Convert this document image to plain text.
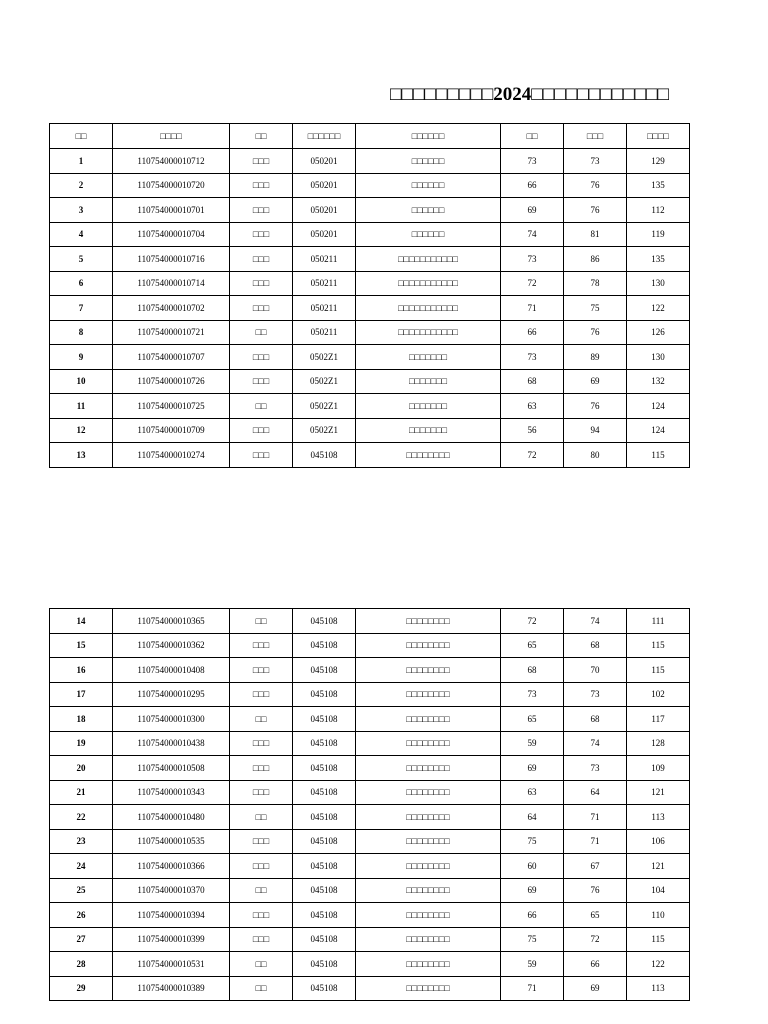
□□□□□□□□□2024□□□□□□□□□□□□
□□	□□□□	□□	□□□□□□	□□□□□□	□□	□□□	□□□□
1	110754000010712	□□□	050201	□□□□□□	73	73	129
2	110754000010720	□□□	050201	□□□□□□	66	76	135
3	110754000010701	□□□	050201	□□□□□□	69	76	112
4	110754000010704	□□□	050201	□□□□□□	74	81	119
5	110754000010716	□□□	050211	□□□□□□□□□□□	73	86	135
6	110754000010714	□□□	050211	□□□□□□□□□□□	72	78	130
7	110754000010702	□□□	050211	□□□□□□□□□□□	71	75	122
8	110754000010721	□□	050211	□□□□□□□□□□□	66	76	126
9	110754000010707	□□□	0502Z1	□□□□□□□	73	89	130
10	110754000010726	□□□	0502Z1	□□□□□□□	68	69	132
11	110754000010725	□□	0502Z1	□□□□□□□	63	76	124
12	110754000010709	□□□	0502Z1	□□□□□□□	56	94	124
13	110754000010274	□□□	045108	□□□□□□□□	72	80	115
14	110754000010365	□□	045108	□□□□□□□□	72	74	111
15	110754000010362	□□□	045108	□□□□□□□□	65	68	115
16	110754000010408	□□□	045108	□□□□□□□□	68	70	115
17	110754000010295	□□□	045108	□□□□□□□□	73	73	102
18	110754000010300	□□	045108	□□□□□□□□	65	68	117
19	110754000010438	□□□	045108	□□□□□□□□	59	74	128
20	110754000010508	□□□	045108	□□□□□□□□	69	73	109
21	110754000010343	□□□	045108	□□□□□□□□	63	64	121
22	110754000010480	□□	045108	□□□□□□□□	64	71	113
23	110754000010535	□□□	045108	□□□□□□□□	75	71	106
24	110754000010366	□□□	045108	□□□□□□□□	60	67	121
25	110754000010370	□□	045108	□□□□□□□□	69	76	104
26	110754000010394	□□□	045108	□□□□□□□□	66	65	110
27	110754000010399	□□□	045108	□□□□□□□□	75	72	115
28	110754000010531	□□	045108	□□□□□□□□	59	66	122
29	110754000010389	□□	045108	□□□□□□□□	71	69	113
